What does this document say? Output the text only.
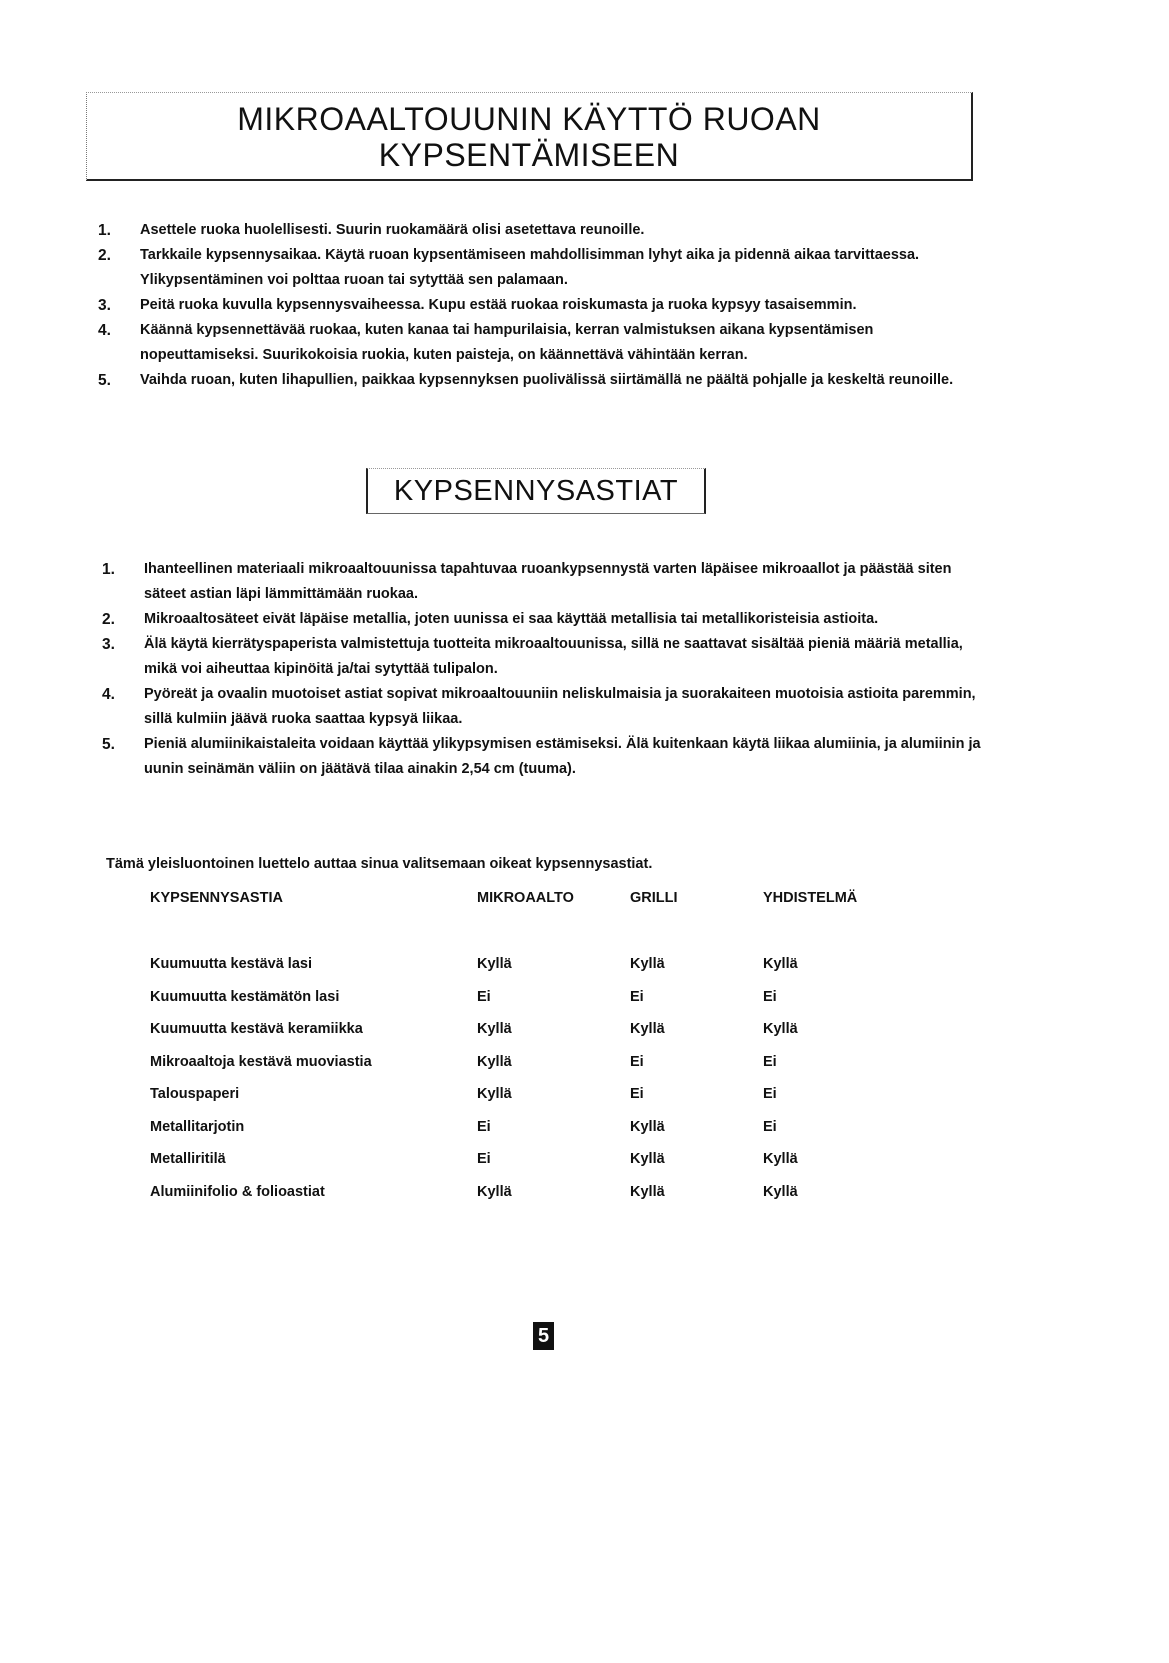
MIKROAALTOUUNIN KÄYTTÖ RUOAN
KYPSENTÄMISEEN
1.	Asettele ruoka huolellisesti. Suurin ruokamäärä olisi asetettava reunoille.
2.	Tarkkaile kypsennysaikaa. Käytä ruoan kypsentämiseen mahdollisimman lyhyt aika ja pidennä aikaa tarvittaessa. Ylikypsentäminen voi polttaa ruoan tai sytyttää sen palamaan.
3.	Peitä ruoka kuvulla kypsennysvaiheessa. Kupu estää ruokaa roiskumasta ja ruoka kypsyy tasaisemmin.
4.	Käännä kypsennettävää ruokaa, kuten kanaa tai hampurilaisia, kerran valmistuksen aikana kypsentämisen nopeuttamiseksi. Suurikokoisia ruokia, kuten paisteja, on käännettävä vähintään kerran.
5.	Vaihda ruoan, kuten lihapullien, paikkaa kypsennyksen puolivälissä siirtämällä ne päältä pohjalle ja keskeltä reunoille.
KYPSENNYSASTIAT
1.	Ihanteellinen materiaali mikroaaltouunissa tapahtuvaa ruoankypsennystä varten läpäisee mikroaallot ja päästää siten säteet astian läpi lämmittämään ruokaa.
2.	Mikroaaltosäteet eivät läpäise metallia, joten uunissa ei saa käyttää metallisia tai metallikoristeisia astioita.
3.	Älä käytä kierrätyspaperista valmistettuja tuotteita mikroaaltouunissa, sillä ne saattavat sisältää pieniä määriä metallia, mikä voi aiheuttaa kipinöitä ja/tai sytyttää tulipalon.
4.	Pyöreät ja ovaalin muotoiset astiat sopivat mikroaaltouuniin neliskulmaisia ja suorakaiteen muotoisia astioita paremmin, sillä kulmiin jäävä ruoka saattaa kypsyä liikaa.
5.	Pieniä alumiinikaistaleita voidaan käyttää ylikypsymisen estämiseksi. Älä kuitenkaan käytä liikaa alumiinia, ja alumiinin ja uunin seinämän väliin on jäätävä tilaa ainakin 2,54 cm (tuuma).
Tämä yleisluontoinen luettelo auttaa sinua valitsemaan oikeat kypsennysastiat.
KYPSENNYSASTIA	MIKROAALTO	GRILLI	YHDISTELMÄ

Kuumuutta kestävä lasi	Kyllä	Kyllä	Kyllä
Kuumuutta kestämätön lasi	Ei	Ei	Ei
Kuumuutta kestävä keramiikka	Kyllä	Kyllä	Kyllä
Mikroaaltoja kestävä muoviastia	Kyllä	Ei	Ei
Talouspaperi	Kyllä	Ei	Ei
Metallitarjotin	Ei	Kyllä	Ei
Metalliritilä	Ei	Kyllä	Kyllä
Alumiinifolio & folioastiat	Kyllä	Kyllä	Kyllä
5
